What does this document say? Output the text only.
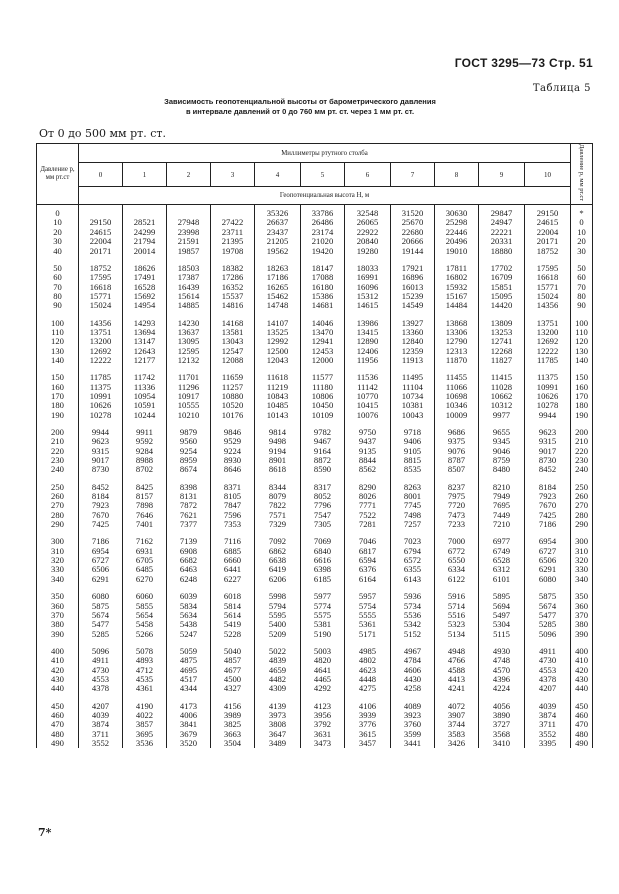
ГОСТ 3295—73 Стр. 51
Таблица 5
Зависимость геопотенциальной высоты от барометрического давления
в интервале давлений от 0 до 760 мм рт. ст. через 1 мм рт. ст.
От 0 до 500 мм рт. ст.
Давление p, мм рт.ст	Миллиметры ртутного столба											Давление p, мм рт.ст
	0	1	2	3	4	5	6	7	8	9	10	
	Геопотенциальная высота H, м											
0					35326	33786	32548	31520	30630	29847	29150	*
10	29150	28521	27948	27422	26637	26486	26065	25670	25298	24947	24615	0
20	24615	24299	23998	23711	23437	23174	22922	22680	22446	22221	22004	10
30	22004	21794	21591	21395	21205	21020	20840	20666	20496	20331	20171	20
40	20171	20014	19857	19708	19562	19420	19280	19144	19010	18880	18752	30

50	18752	18626	18503	18382	18263	18147	18033	17921	17811	17702	17595	50
60	17595	17491	17387	17286	17186	17088	16991	16896	16802	16709	16618	60
70	16618	16528	16439	16352	16265	16180	16096	16013	15932	15851	15771	70
80	15771	15692	15614	15537	15462	15386	15312	15239	15167	15095	15024	80
90	15024	14954	14885	14816	14748	14681	14615	14549	14484	14420	14356	90

100	14356	14293	14230	14168	14107	14046	13986	13927	13868	13809	13751	100
110	13751	13694	13637	13581	13525	13470	13415	13360	13306	13253	13200	110
120	13200	13147	13095	13043	12992	12941	12890	12840	12790	12741	12692	120
130	12692	12643	12595	12547	12500	12453	12406	12359	12313	12268	12222	130
140	12222	12177	12132	12088	12043	12000	11956	11913	11870	11827	11785	140

150	11785	11742	11701	11659	11618	11577	11536	11495	11455	11415	11375	150
160	11375	11336	11296	11257	11219	11180	11142	11104	11066	11028	10991	160
170	10991	10954	10917	10880	10843	10806	10770	10734	10698	10662	10626	170
180	10626	10591	10555	10520	10485	10450	10415	10381	10346	10312	10278	180
190	10278	10244	10210	10176	10143	10109	10076	10043	10009	9977	9944	190

200	9944	9911	9879	9846	9814	9782	9750	9718	9686	9655	9623	200
210	9623	9592	9560	9529	9498	9467	9437	9406	9375	9345	9315	210
220	9315	9284	9254	9224	9194	9164	9135	9105	9076	9046	9017	220
230	9017	8988	8959	8930	8901	8872	8844	8815	8787	8759	8730	230
240	8730	8702	8674	8646	8618	8590	8562	8535	8507	8480	8452	240

250	8452	8425	8398	8371	8344	8317	8290	8263	8237	8210	8184	250
260	8184	8157	8131	8105	8079	8052	8026	8001	7975	7949	7923	260
270	7923	7898	7872	7847	7822	7796	7771	7745	7720	7695	7670	270
280	7670	7646	7621	7596	7571	7547	7522	7498	7473	7449	7425	280
290	7425	7401	7377	7353	7329	7305	7281	7257	7233	7210	7186	290

300	7186	7162	7139	7116	7092	7069	7046	7023	7000	6977	6954	300
310	6954	6931	6908	6885	6862	6840	6817	6794	6772	6749	6727	310
320	6727	6705	6682	6660	6638	6616	6594	6572	6550	6528	6506	320
330	6506	6485	6463	6441	6419	6398	6376	6355	6334	6312	6291	330
340	6291	6270	6248	6227	6206	6185	6164	6143	6122	6101	6080	340

350	6080	6060	6039	6018	5998	5977	5957	5936	5916	5895	5875	350
360	5875	5855	5834	5814	5794	5774	5754	5734	5714	5694	5674	360
370	5674	5654	5634	5614	5595	5575	5555	5536	5516	5497	5477	370
380	5477	5458	5438	5419	5400	5381	5361	5342	5323	5304	5285	380
390	5285	5266	5247	5228	5209	5190	5171	5152	5134	5115	5096	390

400	5096	5078	5059	5040	5022	5003	4985	4967	4948	4930	4911	400
410	4911	4893	4875	4857	4839	4820	4802	4784	4766	4748	4730	410
420	4730	4712	4695	4677	4659	4641	4623	4606	4588	4570	4553	420
430	4553	4535	4517	4500	4482	4465	4448	4430	4413	4396	4378	430
440	4378	4361	4344	4327	4309	4292	4275	4258	4241	4224	4207	440

450	4207	4190	4173	4156	4139	4123	4106	4089	4072	4056	4039	450
460	4039	4022	4006	3989	3973	3956	3939	3923	3907	3890	3874	460
470	3874	3857	3841	3825	3808	3792	3776	3760	3744	3727	3711	470
480	3711	3695	3679	3663	3647	3631	3615	3599	3583	3568	3552	480
490	3552	3536	3520	3504	3489	3473	3457	3441	3426	3410	3395	490
7*
